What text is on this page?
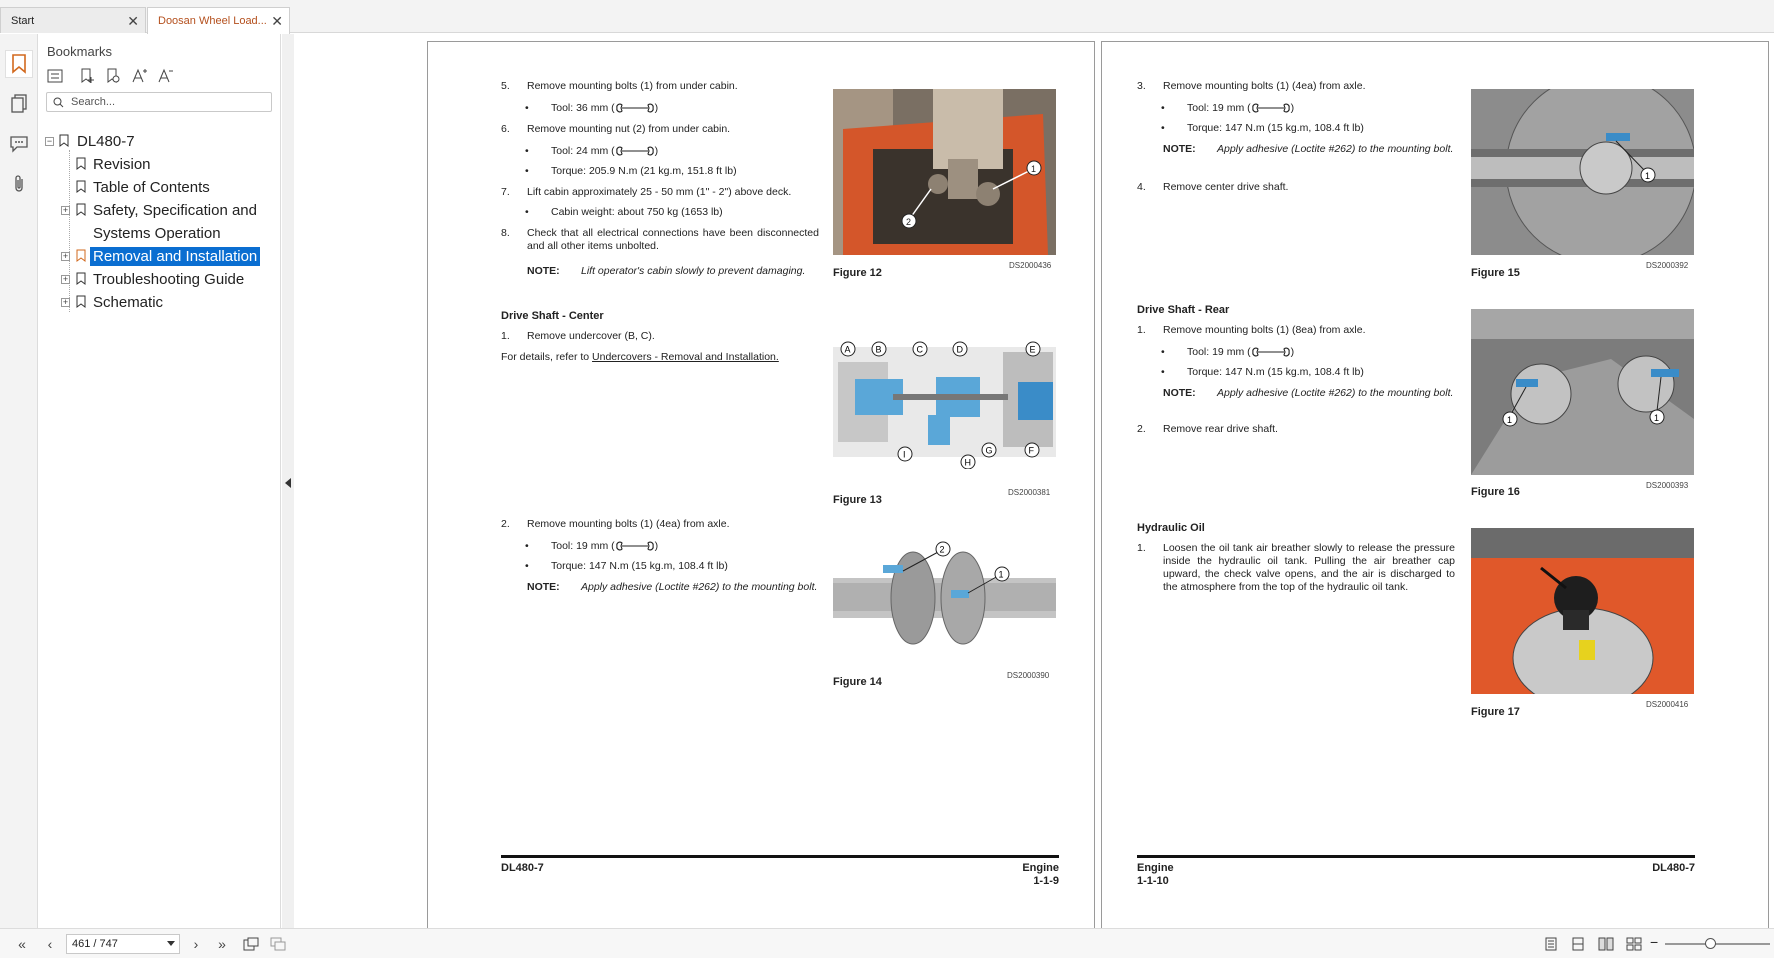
Start	✕	Doosan Wheel Load... ✕
Bookmarks
Search...
− DL480-7
Revision
Table of Contents
+ Safety, Specification and
Systems Operation
+ Removal and Installation
+ Troubleshooting Guide
+ Schematic
5. Remove mounting bolts (1) from under cabin.
• Tool: 36 mm (	)
6. Remove mounting nut (2) from under cabin.
• Tool: 24 mm (	)
• Torque: 205.9 N.m (21 kg.m, 151.8 ft lb)
7. Lift cabin approximately 25 - 50 mm (1" - 2") above deck.
• Cabin weight: about 750 kg (1653 lb)
8. Check that all electrical connections have been disconnected and all other items unbolted.
NOTE: Lift operator's cabin slowly to prevent damaging.
Drive Shaft - Center
1. Remove undercover (B, C).
For details, refer to Undercovers - Removal and Installation.
2. Remove mounting bolts (1) (4ea) from axle.
• Tool: 19 mm (	)
• Torque: 147 N.m (15 kg.m, 108.4 ft lb)
NOTE: Apply adhesive (Loctite #262) to the mounting bolt.
1
2
Figure 12
DS2000436
A	B	C	D	E
I
H
G	F
Figure 13
DS2000381
2
1
Figure 14
DS2000390
DL480-7	Engine
1-1-9
3. Remove mounting bolts (1) (4ea) from axle.
• Tool: 19 mm (	)
• Torque: 147 N.m (15 kg.m, 108.4 ft lb)
NOTE: Apply adhesive (Loctite #262) to the mounting bolt.
4. Remove center drive shaft.
Drive Shaft - Rear
1. Remove mounting bolts (1) (8ea) from axle.
• Tool: 19 mm (	)
• Torque: 147 N.m (15 kg.m, 108.4 ft lb)
NOTE: Apply adhesive (Loctite #262) to the mounting bolt.
2. Remove rear drive shaft.
Hydraulic Oil
1. Loosen the oil tank air breather slowly to release the pressure inside the hydraulic oil tank. Pulling the air breather cap upward, the check valve opens, and the air is discharged to the atmosphere from the top of the hydraulic oil tank.
1
Figure 15
DS2000392
1	1
Figure 16
DS2000393
Figure 17
DS2000416
Engine
1-1-10
DL480-7
«	‹	461 / 747	›	»	−
